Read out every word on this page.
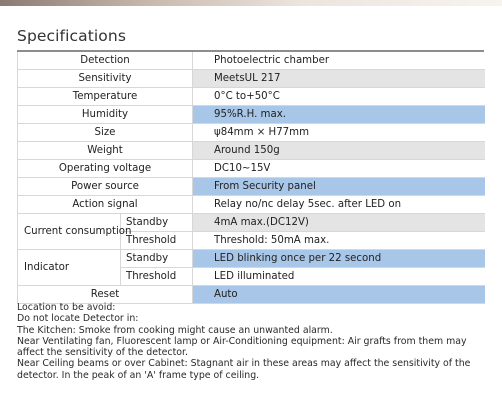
Specifications
Detection		Photoelectric chamber
Sensitivity		MeetsUL 217
Temperature		0°C to+50°C
Humidity		95%R.H. max.
Size		ψ84mm × H77mm
Weight		Around 150g
Operating voltage		DC10~15V
Power source		From Security panel
Action signal		Relay no/nc delay 5sec. after LED on
Current consumption	Standby	4mA max.(DC12V)
	Threshold	Threshold: 50mA max.
Indicator	Standby	LED blinking once per 22 second
	Threshold	LED illuminated
Reset		Auto
Location to be avoid:
Do not locate Detector in:
The Kitchen: Smoke from cooking might cause an unwanted alarm.
Near Ventilating fan, Fluorescent lamp or Air-Conditioning equipment: Air grafts from them may affect the sensitivity of the detector.
Near Ceiling beams or over Cabinet: Stagnant air in these areas may affect the sensitivity of the detector. In the peak of an 'A' frame type of ceiling.
